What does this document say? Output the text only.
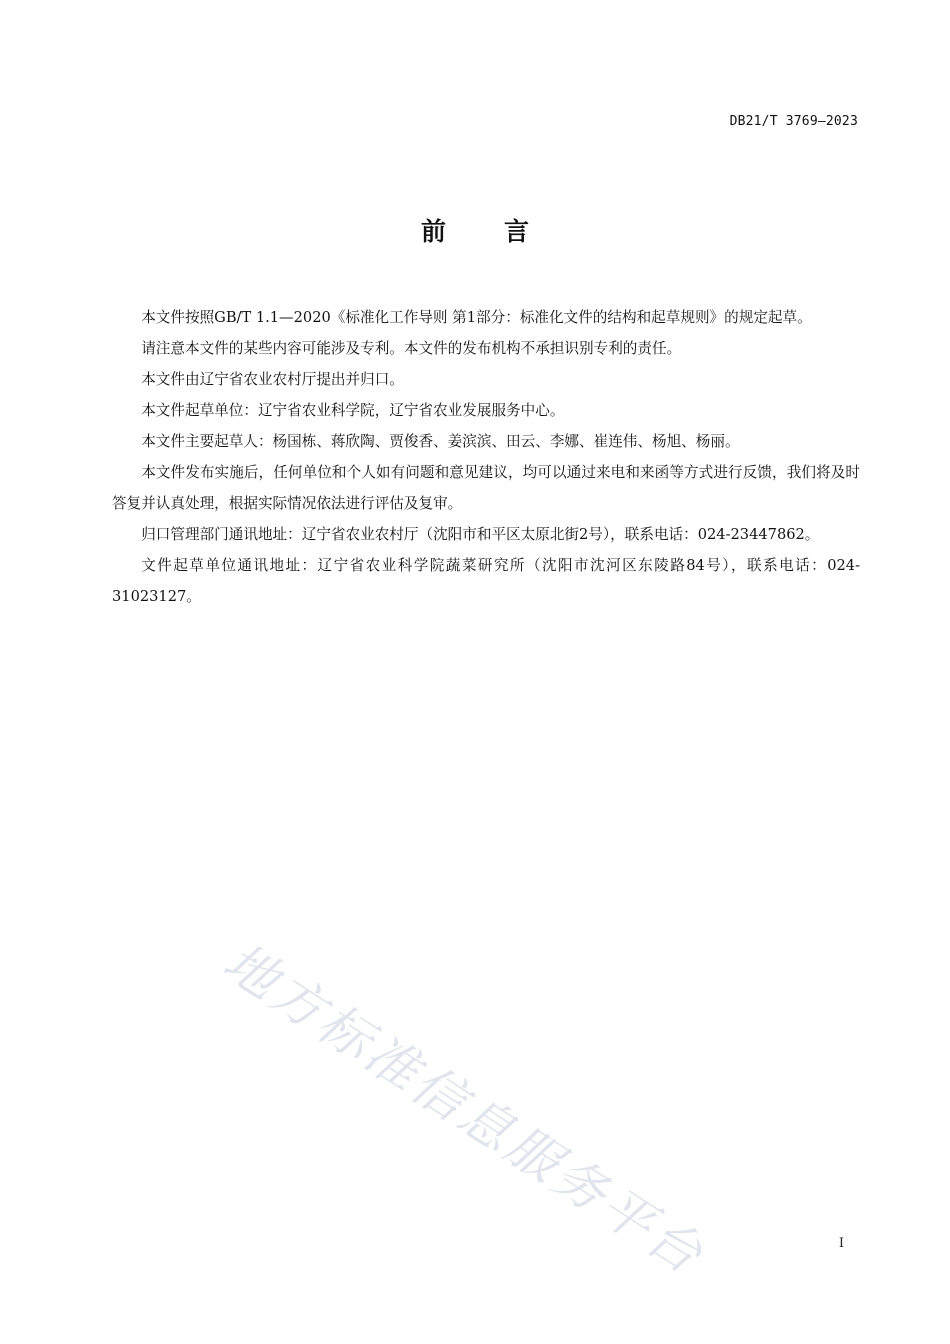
DB21/T 3769—2023
前言

本文件按照GB/T 1.1—2020《标准化工作导则 第1部分：标准化文件的结构和起草规则》的规定起草。

请注意本文件的某些内容可能涉及专利。本文件的发布机构不承担识别专利的责任。

本文件由辽宁省农业农村厅提出并归口。

本文件起草单位：辽宁省农业科学院，辽宁省农业发展服务中心。

本文件主要起草人：杨国栋、蒋欣陶、贾俊香、姜滨滨、田云、李娜、崔连伟、杨旭、杨丽。

本文件发布实施后，任何单位和个人如有问题和意见建议，均可以通过来电和来函等方式进行反馈，我们将及时答复并认真处理，根据实际情况依法进行评估及复审。

归口管理部门通讯地址：辽宁省农业农村厅（沈阳市和平区太原北街2号），联系电话：024-23447862。

文件起草单位通讯地址：辽宁省农业科学院蔬菜研究所（沈阳市沈河区东陵路84号），联系电话：024-31023127。

地方标准信息服务平台	I
